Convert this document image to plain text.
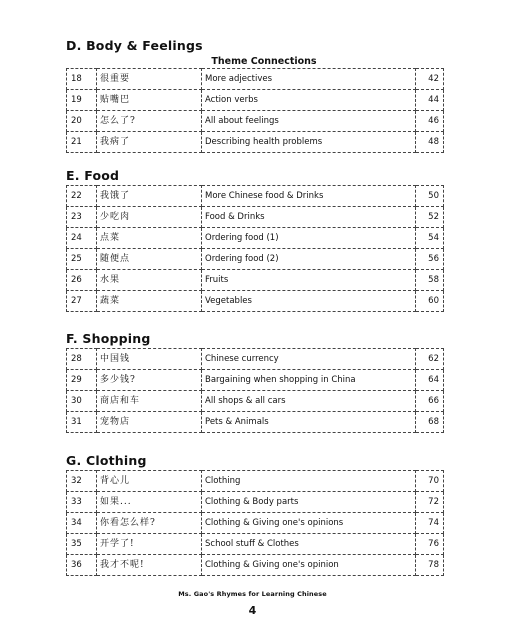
D. Body & Feelings
Theme Connections
18	很重要	More adjectives	42
19	贴嘴巴	Action verbs	44
20	怎么了?	All about feelings	46
21	我病了	Describing health problems	48
E. Food
22	我饿了	More Chinese food & Drinks	50
23	少吃肉	Food & Drinks	52
24	点菜	Ordering food (1)	54
25	随便点	Ordering food (2)	56
26	水果	Fruits	58
27	蔬菜	Vegetables	60
F. Shopping
28	中国钱	Chinese currency	62
29	多少钱?	Bargaining when shopping in China	64
30	商店和车	All shops & all cars	66
31	宠物店	Pets & Animals	68
G. Clothing
32	背心儿	Clothing	70
33	如果...	Clothing & Body parts	72
34	你看怎么样?	Clothing & Giving one's opinions	74
35	开学了!	School stuff & Clothes	76
36	我才不呢!	Clothing & Giving one's opinion	78
Ms. Gao's Rhymes for Learning Chinese
4
